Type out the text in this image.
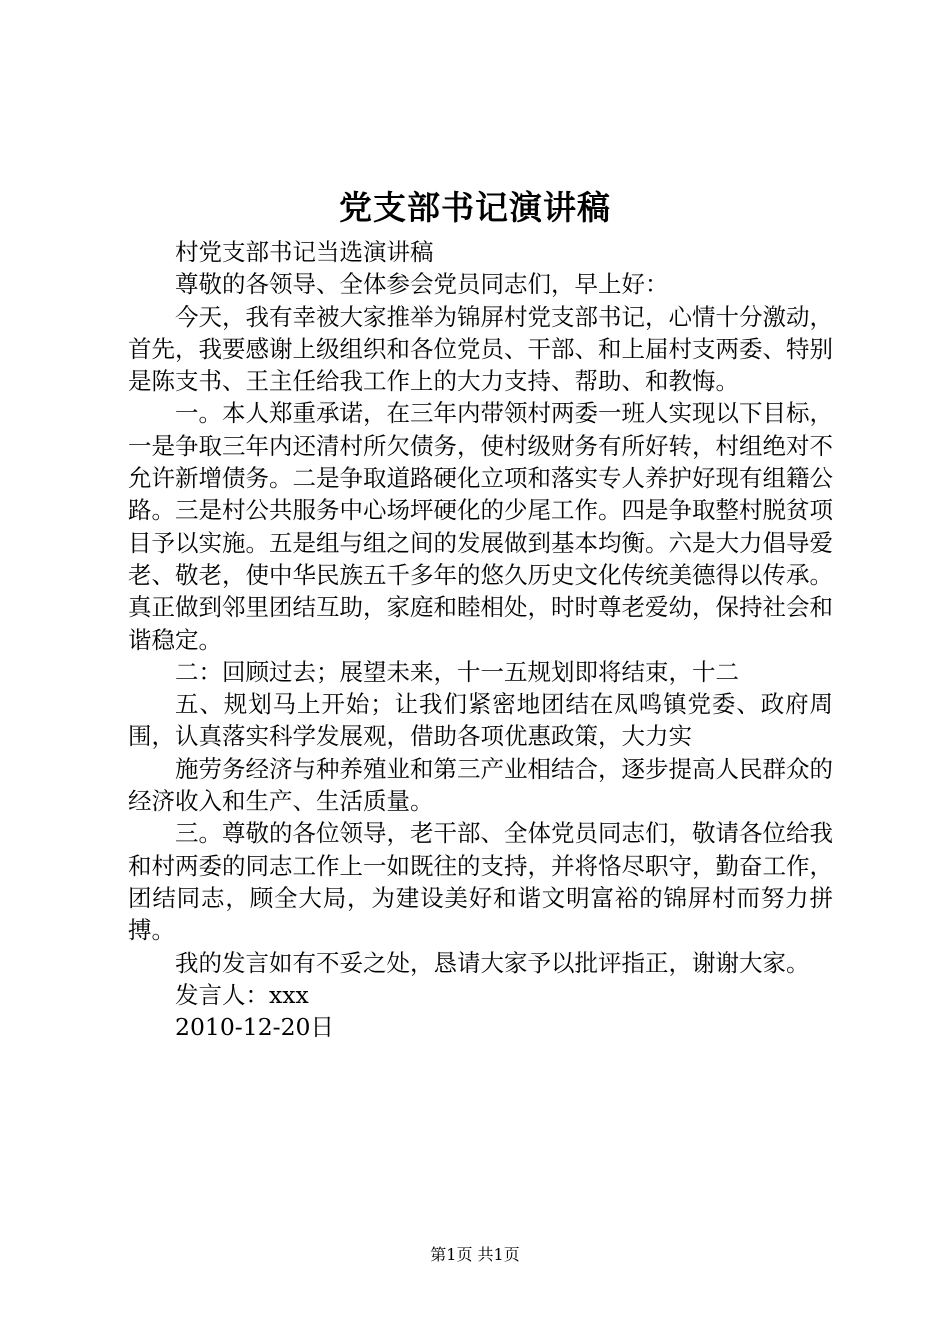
党支部书记演讲稿

村党支部书记当选演讲稿

尊敬的各领导、全体参会党员同志们，早上好：

今天，我有幸被大家推举为锦屏村党支部书记，心情十分激动，首先，我要感谢上级组织和各位党员、干部、和上届村支两委、特别是陈支书、王主任给我工作上的大力支持、帮助、和教悔。

一。本人郑重承诺，在三年内带领村两委一班人实现以下目标，一是争取三年内还清村所欠债务，使村级财务有所好转，村组绝对不允许新增债务。二是争取道路硬化立项和落实专人养护好现有组籍公路。三是村公共服务中心场坪硬化的少尾工作。四是争取整村脱贫项目予以实施。五是组与组之间的发展做到基本均衡。六是大力倡导爱老、敬老，使中华民族五千多年的悠久历史文化传统美德得以传承。真正做到邻里团结互助，家庭和睦相处，时时尊老爱幼，保持社会和谐稳定。

二：回顾过去；展望未来，十一五规划即将结束，十二

五、规划马上开始；让我们紧密地团结在凤鸣镇党委、政府周围，认真落实科学发展观，借助各项优惠政策，大力实

施劳务经济与种养殖业和第三产业相结合，逐步提高人民群众的经济收入和生产、生活质量。

三。尊敬的各位领导，老干部、全体党员同志们，敬请各位给我和村两委的同志工作上一如既往的支持，并将恪尽职守，勤奋工作，团结同志，顾全大局，为建设美好和谐文明富裕的锦屏村而努力拼搏。

我的发言如有不妥之处，恳请大家予以批评指正，谢谢大家。

发言人：xxx

2010-12-20日

第1页 共1页
